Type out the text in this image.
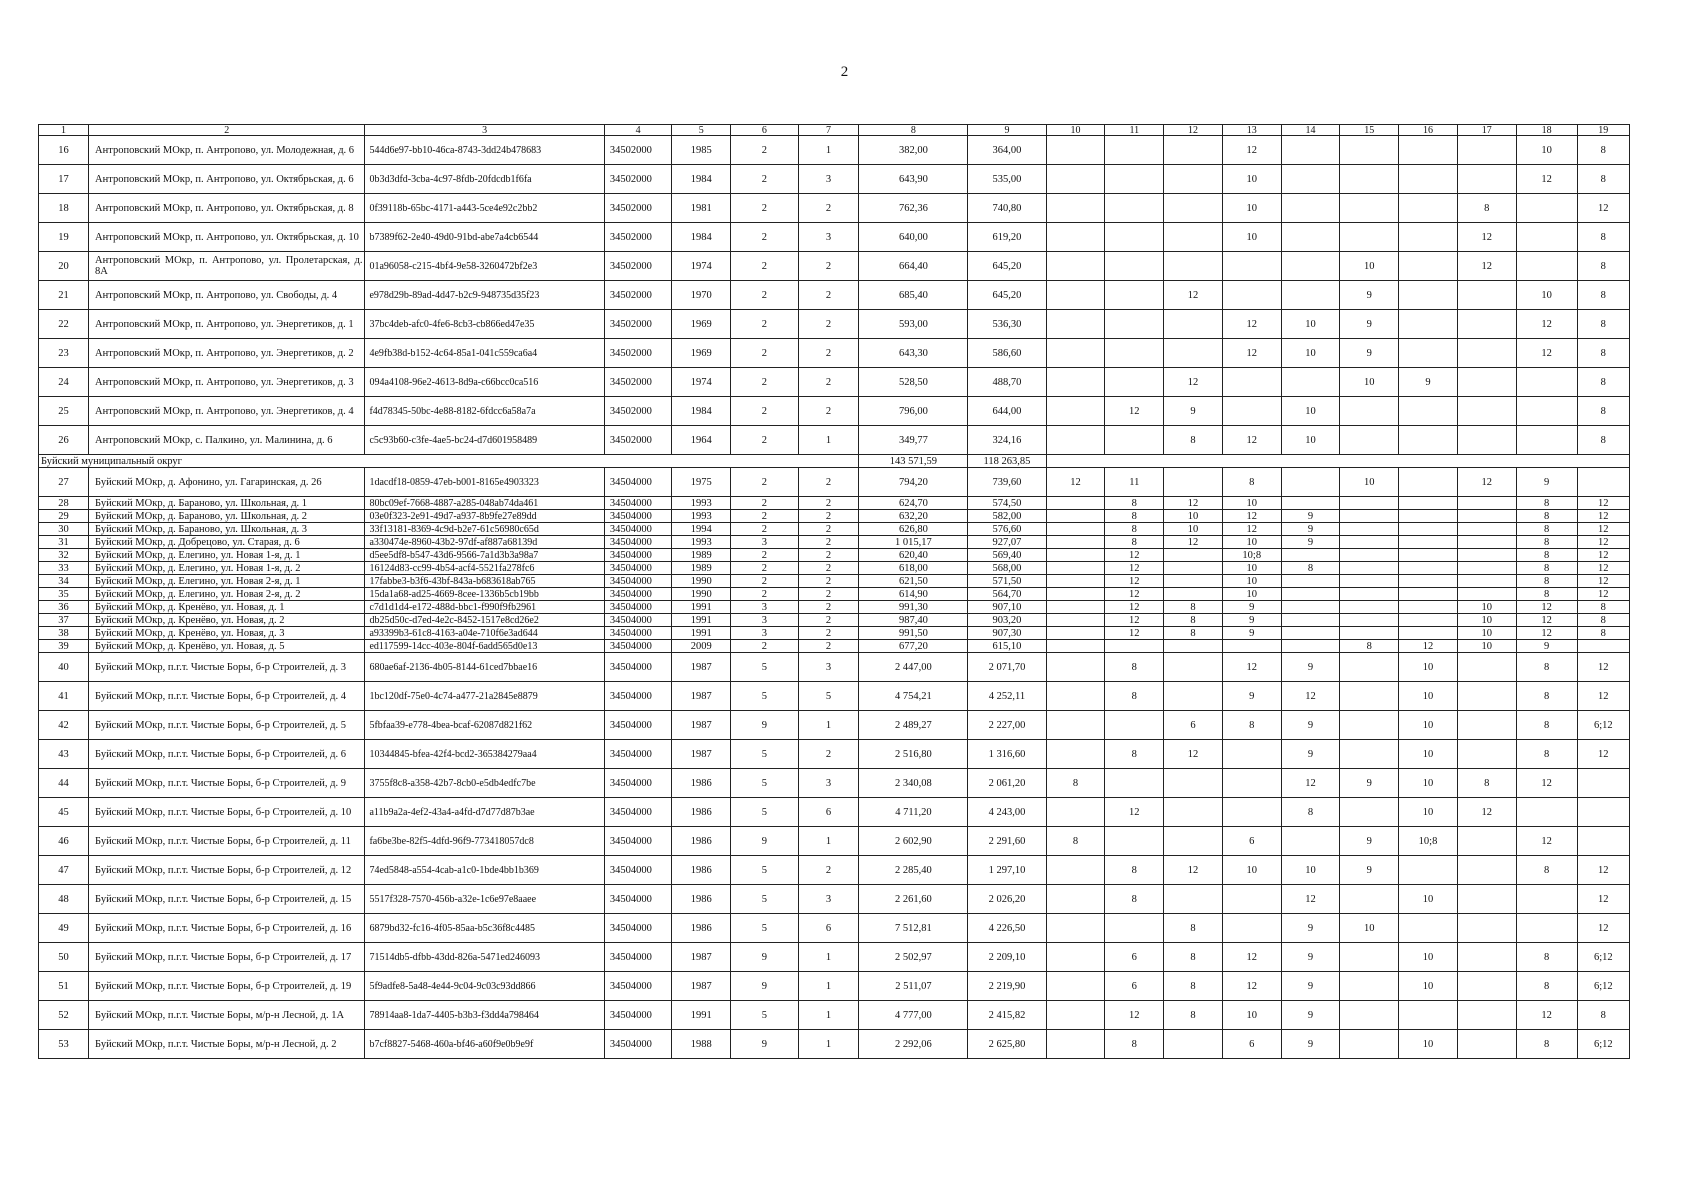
2
1	2	3	4	5	6	7	8	9	10	11	12	13	14	15	16	17	18	19
16	Антроповский МОкр, п. Антропово, ул. Молодежная, д. 6	544d6e97-bb10-46ca-8743-3dd24b478683	34502000	1985	2	1	382,00	364,00				12					10	8
17	Антроповский МОкр, п. Антропово, ул. Октябрьская, д. 6	0b3d3dfd-3cba-4c97-8fdb-20fdcdb1f6fa	34502000	1984	2	3	643,90	535,00				10					12	8
18	Антроповский МОкр, п. Антропово, ул. Октябрьская, д. 8	0f39118b-65bc-4171-a443-5ce4e92c2bb2	34502000	1981	2	2	762,36	740,80				10				8		12
19	Антроповский МОкр, п. Антропово, ул. Октябрьская, д. 10	b7389f62-2e40-49d0-91bd-abe7a4cb6544	34502000	1984	2	3	640,00	619,20				10				12		8
20	Антроповский МОкр, п. Антропово, ул. Пролетарская, д. 8А	01a96058-c215-4bf4-9e58-3260472bf2e3	34502000	1974	2	2	664,40	645,20						10		12		8
21	Антроповский МОкр, п. Антропово, ул. Свободы, д. 4	e978d29b-89ad-4d47-b2c9-948735d35f23	34502000	1970	2	2	685,40	645,20			12			9			10	8
22	Антроповский МОкр, п. Антропово, ул. Энергетиков, д. 1	37bc4deb-afc0-4fe6-8cb3-cb866ed47e35	34502000	1969	2	2	593,00	536,30				12	10	9			12	8
23	Антроповский МОкр, п. Антропово, ул. Энергетиков, д. 2	4e9fb38d-b152-4c64-85a1-041c559ca6a4	34502000	1969	2	2	643,30	586,60				12	10	9			12	8
24	Антроповский МОкр, п. Антропово, ул. Энергетиков, д. 3	094a4108-96e2-4613-8d9a-c66bcc0ca516	34502000	1974	2	2	528,50	488,70			12			10	9			8
25	Антроповский МОкр, п. Антропово, ул. Энергетиков, д. 4	f4d78345-50bc-4e88-8182-6fdcc6a58a7a	34502000	1984	2	2	796,00	644,00		12	9		10					8
26	Антроповский МОкр, с. Палкино, ул. Малинина, д. 6	c5c93b60-c3fe-4ae5-bc24-d7d601958489	34502000	1964	2	1	349,77	324,16			8	12	10					8
Буйский муниципальный округ							143 571,59	118 263,85										
27	Буйский МОкр, д. Афонино, ул. Гагаринская, д. 26	1dacdf18-0859-47eb-b001-8165e4903323	34504000	1975	2	2	794,20	739,60	12	11		8		10		12	9	
28	Буйский МОкр, д. Бараново, ул. Школьная, д. 1	80bc09ef-7668-4887-a285-048ab74da461	34504000	1993	2	2	624,70	574,50		8	12	10					8	12
29	Буйский МОкр, д. Бараново, ул. Школьная, д. 2	03e0f323-2e91-49d7-a937-8b9fe27e89dd	34504000	1993	2	2	632,20	582,00		8	10	12	9				8	12
30	Буйский МОкр, д. Бараново, ул. Школьная, д. 3	33f13181-8369-4c9d-b2e7-61c56980c65d	34504000	1994	2	2	626,80	576,60		8	10	12	9				8	12
31	Буйский МОкр, д. Добрецово, ул. Старая, д. 6	a330474e-8960-43b2-97df-af887a68139d	34504000	1993	3	2	1 015,17	927,07		8	12	10	9				8	12
32	Буйский МОкр, д. Елегино, ул. Новая 1-я, д. 1	d5ee5df8-b547-43d6-9566-7a1d3b3a98a7	34504000	1989	2	2	620,40	569,40		12		10;8					8	12
33	Буйский МОкр, д. Елегино, ул. Новая 1-я, д. 2	16124d83-cc99-4b54-acf4-5521fa278fc6	34504000	1989	2	2	618,00	568,00		12		10	8				8	12
34	Буйский МОкр, д. Елегино, ул. Новая 2-я, д. 1	17fabbe3-b3f6-43bf-843a-b683618ab765	34504000	1990	2	2	621,50	571,50		12		10					8	12
35	Буйский МОкр, д. Елегино, ул. Новая 2-я, д. 2	15da1a68-ad25-4669-8cee-1336b5cb19bb	34504000	1990	2	2	614,90	564,70		12		10					8	12
36	Буйский МОкр, д. Кренёво, ул. Новая, д. 1	c7d1d1d4-e172-488d-bbc1-f990f9fb2961	34504000	1991	3	2	991,30	907,10		12	8	9				10	12	8
37	Буйский МОкр, д. Кренёво, ул. Новая, д. 2	db25d50c-d7ed-4e2c-8452-1517e8cd26e2	34504000	1991	3	2	987,40	903,20		12	8	9				10	12	8
38	Буйский МОкр, д. Кренёво, ул. Новая, д. 3	a93399b3-61c8-4163-a04e-710f6e3ad644	34504000	1991	3	2	991,50	907,30		12	8	9				10	12	8
39	Буйский МОкр, д. Кренёво, ул. Новая, д. 5	ed117599-14cc-403e-804f-6add565d0e13	34504000	2009	2	2	677,20	615,10						8	12	10	9	
40	Буйский МОкр, п.г.т. Чистые Боры, б-р Строителей, д. 3	680ae6af-2136-4b05-8144-61ced7bbae16	34504000	1987	5	3	2 447,00	2 071,70		8		12	9		10		8	12
41	Буйский МОкр, п.г.т. Чистые Боры, б-р Строителей, д. 4	1bc120df-75e0-4c74-a477-21a2845e8879	34504000	1987	5	5	4 754,21	4 252,11		8		9	12		10		8	12
42	Буйский МОкр, п.г.т. Чистые Боры, б-р Строителей, д. 5	5fbfaa39-e778-4bea-bcaf-62087d821f62	34504000	1987	9	1	2 489,27	2 227,00			6	8	9		10		8	6;12
43	Буйский МОкр, п.г.т. Чистые Боры, б-р Строителей, д. 6	10344845-bfea-42f4-bcd2-365384279aa4	34504000	1987	5	2	2 516,80	1 316,60		8	12		9		10		8	12
44	Буйский МОкр, п.г.т. Чистые Боры, б-р Строителей, д. 9	3755f8c8-a358-42b7-8cb0-e5db4edfc7be	34504000	1986	5	3	2 340,08	2 061,20	8				12	9	10	8	12	
45	Буйский МОкр, п.г.т. Чистые Боры, б-р Строителей, д. 10	a11b9a2a-4ef2-43a4-a4fd-d7d77d87b3ae	34504000	1986	5	6	4 711,20	4 243,00		12			8		10	12		
46	Буйский МОкр, п.г.т. Чистые Боры, б-р Строителей, д. 11	fa6be3be-82f5-4dfd-96f9-773418057dc8	34504000	1986	9	1	2 602,90	2 291,60	8			6		9	10;8		12	
47	Буйский МОкр, п.г.т. Чистые Боры, б-р Строителей, д. 12	74ed5848-a554-4cab-a1c0-1bde4bb1b369	34504000	1986	5	2	2 285,40	1 297,10		8	12	10	10	9			8	12
48	Буйский МОкр, п.г.т. Чистые Боры, б-р Строителей, д. 15	5517f328-7570-456b-a32e-1c6e97e8aaee	34504000	1986	5	3	2 261,60	2 026,20		8			12		10			12
49	Буйский МОкр, п.г.т. Чистые Боры, б-р Строителей, д. 16	6879bd32-fc16-4f05-85aa-b5c36f8c4485	34504000	1986	5	6	7 512,81	4 226,50			8		9	10				12
50	Буйский МОкр, п.г.т. Чистые Боры, б-р Строителей, д. 17	71514db5-dfbb-43dd-826a-5471ed246093	34504000	1987	9	1	2 502,97	2 209,10		6	8	12	9		10		8	6;12
51	Буйский МОкр, п.г.т. Чистые Боры, б-р Строителей, д. 19	5f9adfe8-5a48-4e44-9c04-9c03c93dd866	34504000	1987	9	1	2 511,07	2 219,90		6	8	12	9		10		8	6;12
52	Буйский МОкр, п.г.т. Чистые Боры, м/р-н Лесной, д. 1А	78914aa8-1da7-4405-b3b3-f3dd4a798464	34504000	1991	5	1	4 777,00	2 415,82		12	8	10	9				12	8
53	Буйский МОкр, п.г.т. Чистые Боры, м/р-н Лесной, д. 2	b7cf8827-5468-460a-bf46-a60f9e0b9e9f	34504000	1988	9	1	2 292,06	2 625,80		8		6	9		10		8	6;12
